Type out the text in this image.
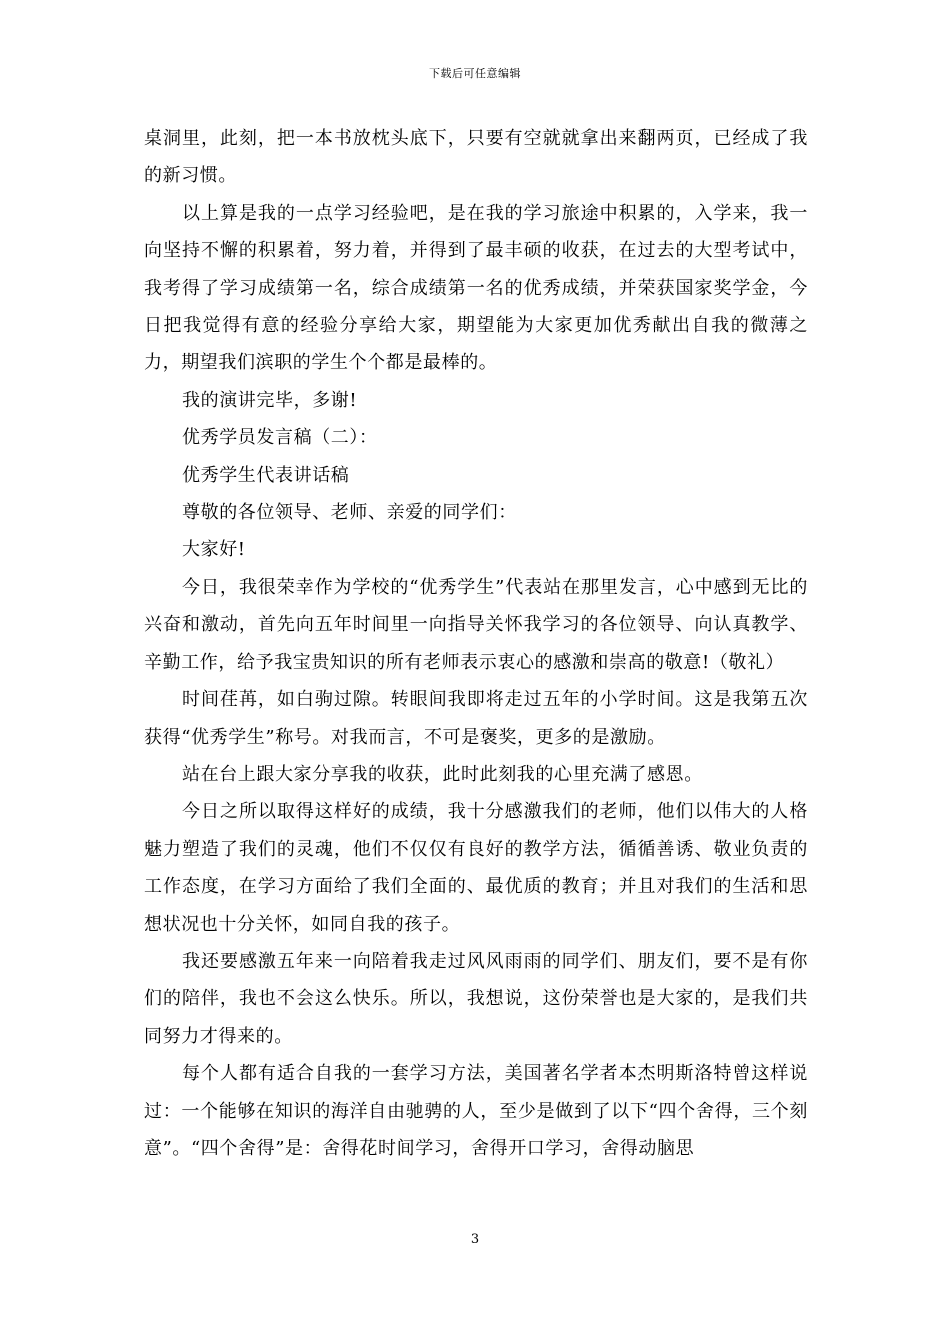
下载后可任意编辑

桌洞里，此刻，把一本书放枕头底下，只要有空就就拿出来翻两页，已经成了我的新习惯。

以上算是我的一点学习经验吧，是在我的学习旅途中积累的，入学来，我一向坚持不懈的积累着，努力着，并得到了最丰硕的收获，在过去的大型考试中，我考得了学习成绩第一名，综合成绩第一名的优秀成绩，并荣获国家奖学金，今日把我觉得有意的经验分享给大家，期望能为大家更加优秀献出自我的微薄之力，期望我们滨职的学生个个都是最棒的。

我的演讲完毕，多谢!

优秀学员发言稿（二）：

优秀学生代表讲话稿

尊敬的各位领导、老师、亲爱的同学们：

大家好!

今日，我很荣幸作为学校的“优秀学生”代表站在那里发言，心中感到无比的兴奋和激动，首先向五年时间里一向指导关怀我学习的各位领导、向认真教学、辛勤工作，给予我宝贵知识的所有老师表示衷心的感激和崇高的敬意!（敬礼）

时间荏苒，如白驹过隙。转眼间我即将走过五年的小学时间。这是我第五次获得“优秀学生”称号。对我而言，不可是褒奖，更多的是激励。

站在台上跟大家分享我的收获，此时此刻我的心里充满了感恩。

今日之所以取得这样好的成绩，我十分感激我们的老师，他们以伟大的人格魅力塑造了我们的灵魂，他们不仅仅有良好的教学方法，循循善诱、敬业负责的工作态度，在学习方面给了我们全面的、最优质的教育；并且对我们的生活和思想状况也十分关怀，如同自我的孩子。

我还要感激五年来一向陪着我走过风风雨雨的同学们、朋友们，要不是有你们的陪伴，我也不会这么快乐。所以，我想说，这份荣誉也是大家的，是我们共同努力才得来的。

每个人都有适合自我的一套学习方法，美国著名学者本杰明斯洛特曾这样说过：一个能够在知识的海洋自由驰骋的人，至少是做到了以下“四个舍得，三个刻意”。“四个舍得”是：舍得花时间学习，舍得开口学习，舍得动脑思

3
